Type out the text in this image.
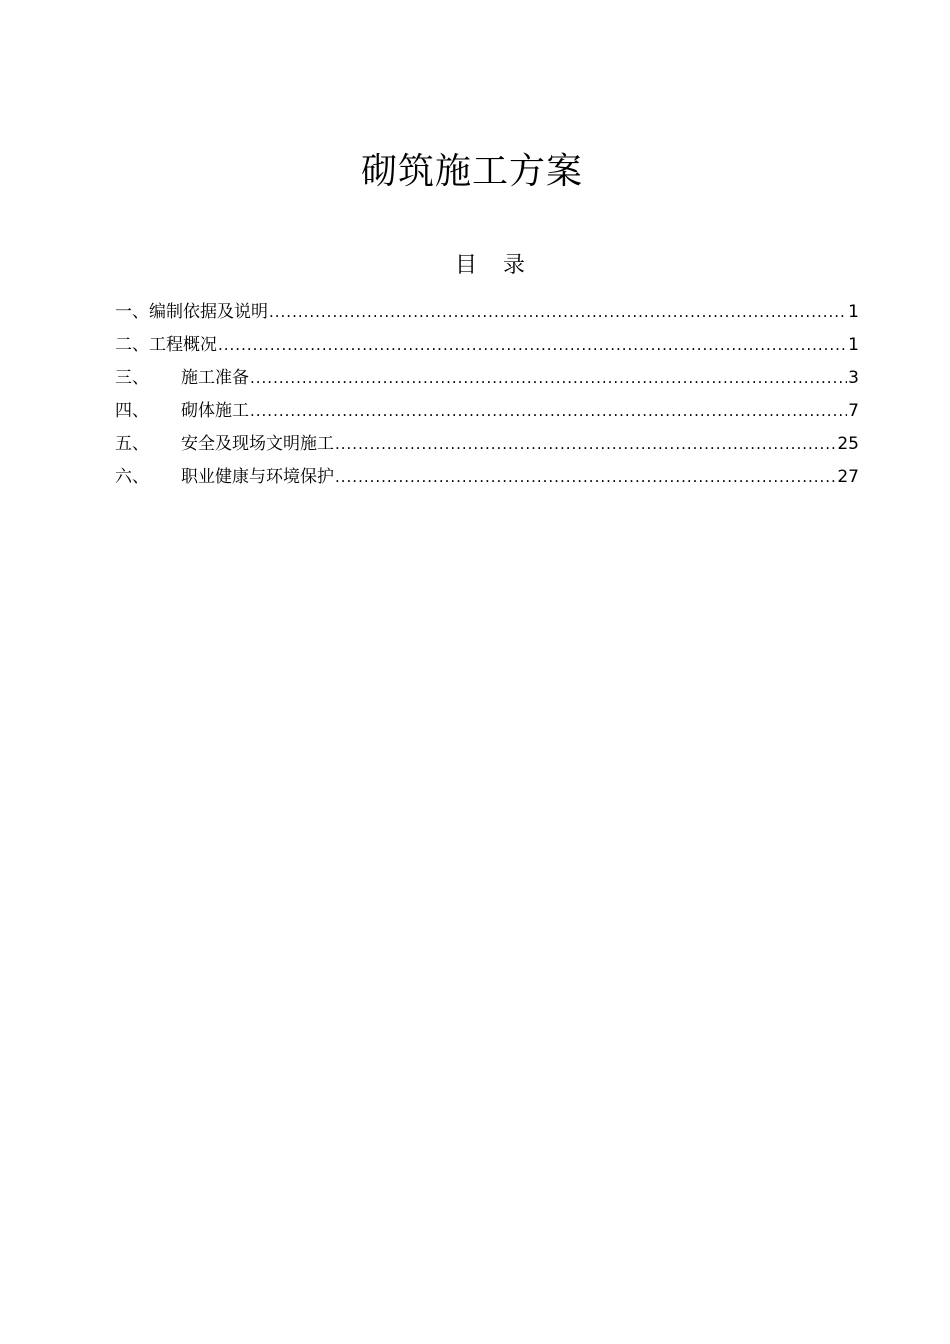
砌筑施工方案
目 录
一、 编制依据及说明 .....	1
二、 工程概况 .....	1
三、	施工准备 .....	3
四、	砌体施工 .....	7
五、	安全及现场文明施工 .....	25
六、	职业健康与环境保护 .....	27
